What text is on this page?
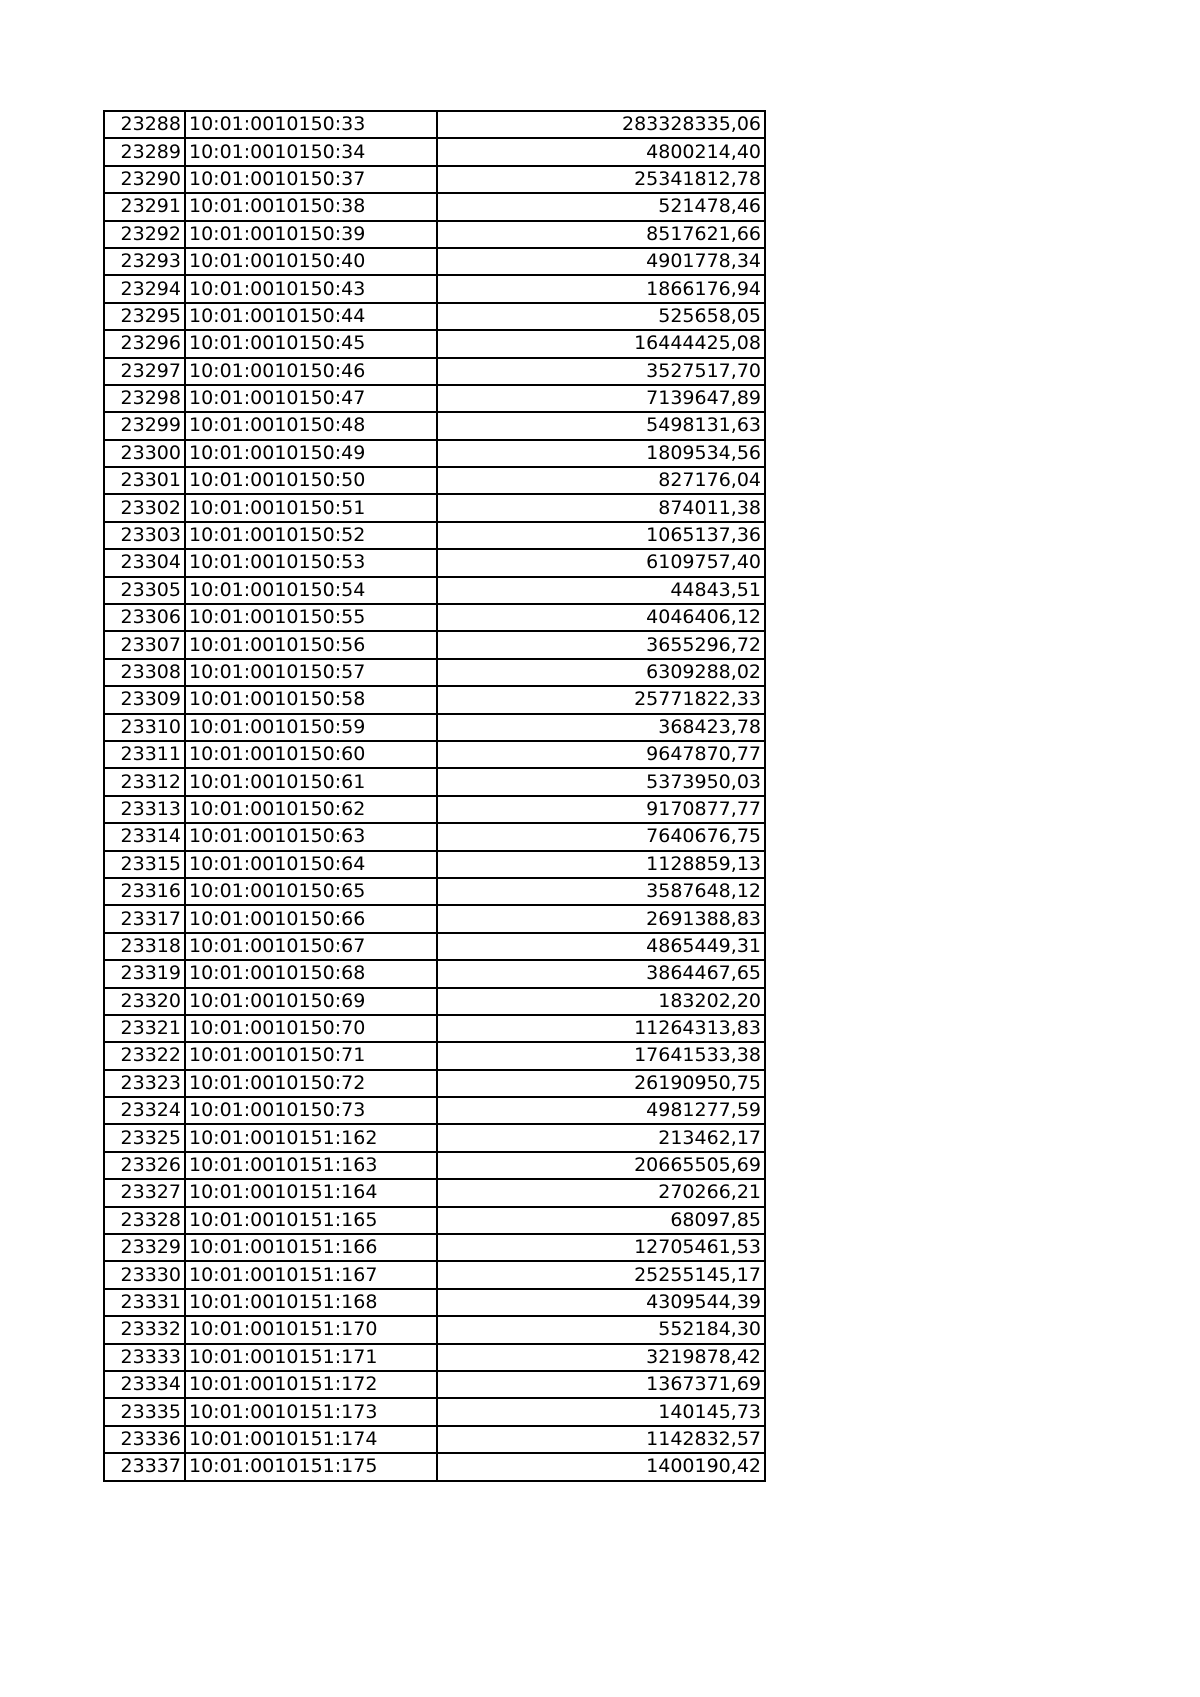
23288	10:01:0010150:33	283328335,06
23289	10:01:0010150:34	4800214,40
23290	10:01:0010150:37	25341812,78
23291	10:01:0010150:38	521478,46
23292	10:01:0010150:39	8517621,66
23293	10:01:0010150:40	4901778,34
23294	10:01:0010150:43	1866176,94
23295	10:01:0010150:44	525658,05
23296	10:01:0010150:45	16444425,08
23297	10:01:0010150:46	3527517,70
23298	10:01:0010150:47	7139647,89
23299	10:01:0010150:48	5498131,63
23300	10:01:0010150:49	1809534,56
23301	10:01:0010150:50	827176,04
23302	10:01:0010150:51	874011,38
23303	10:01:0010150:52	1065137,36
23304	10:01:0010150:53	6109757,40
23305	10:01:0010150:54	44843,51
23306	10:01:0010150:55	4046406,12
23307	10:01:0010150:56	3655296,72
23308	10:01:0010150:57	6309288,02
23309	10:01:0010150:58	25771822,33
23310	10:01:0010150:59	368423,78
23311	10:01:0010150:60	9647870,77
23312	10:01:0010150:61	5373950,03
23313	10:01:0010150:62	9170877,77
23314	10:01:0010150:63	7640676,75
23315	10:01:0010150:64	1128859,13
23316	10:01:0010150:65	3587648,12
23317	10:01:0010150:66	2691388,83
23318	10:01:0010150:67	4865449,31
23319	10:01:0010150:68	3864467,65
23320	10:01:0010150:69	183202,20
23321	10:01:0010150:70	11264313,83
23322	10:01:0010150:71	17641533,38
23323	10:01:0010150:72	26190950,75
23324	10:01:0010150:73	4981277,59
23325	10:01:0010151:162	213462,17
23326	10:01:0010151:163	20665505,69
23327	10:01:0010151:164	270266,21
23328	10:01:0010151:165	68097,85
23329	10:01:0010151:166	12705461,53
23330	10:01:0010151:167	25255145,17
23331	10:01:0010151:168	4309544,39
23332	10:01:0010151:170	552184,30
23333	10:01:0010151:171	3219878,42
23334	10:01:0010151:172	1367371,69
23335	10:01:0010151:173	140145,73
23336	10:01:0010151:174	1142832,57
23337	10:01:0010151:175	1400190,42
